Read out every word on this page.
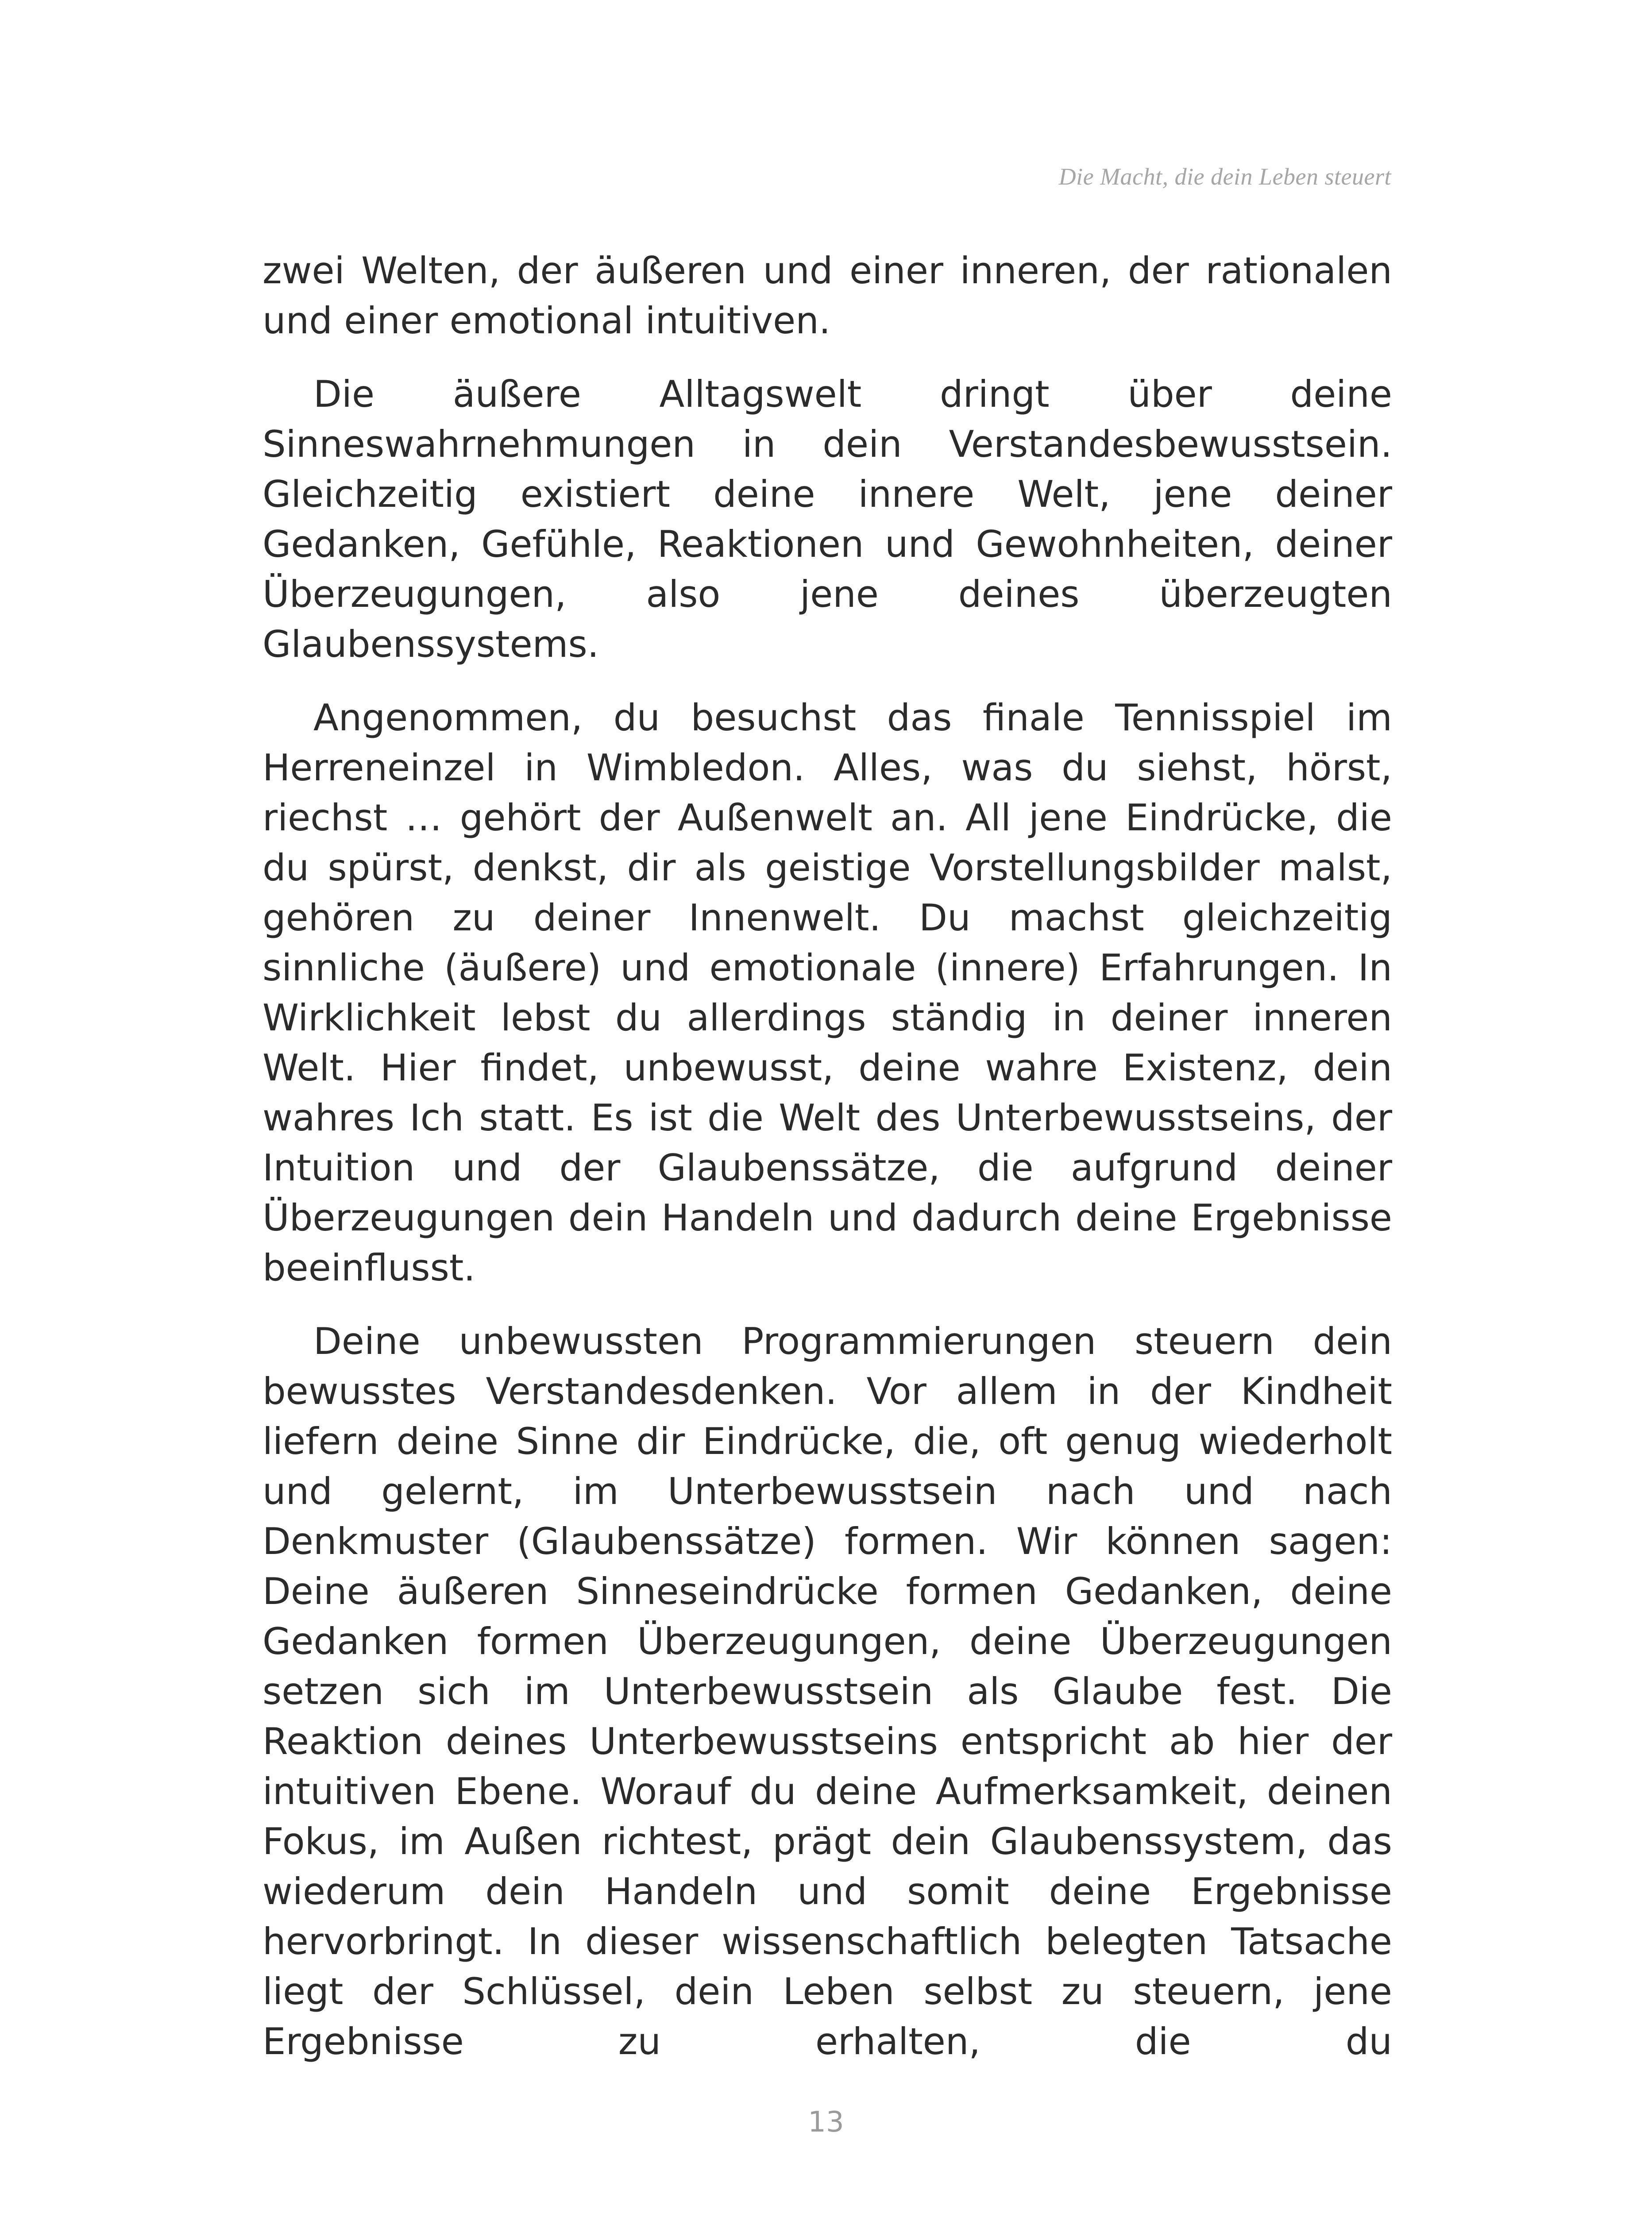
Die Macht, die dein Leben steuert

zwei Welten, der äußeren und einer inneren, der rationalen und einer emotional intuitiven.

Die äußere Alltagswelt dringt über deine Sinneswahrnehmungen in dein Verstandesbewusstsein. Gleichzeitig existiert deine innere Welt, jene deiner Gedanken, Gefühle, Reaktionen und Gewohnheiten, deiner Überzeugungen, also jene deines überzeugten Glaubenssystems.

Angenommen, du besuchst das finale Tennisspiel im Herreneinzel in Wimbledon. Alles, was du siehst, hörst, riechst … gehört der Außenwelt an. All jene Eindrücke, die du spürst, denkst, dir als geistige Vorstellungsbilder malst, gehören zu deiner Innenwelt. Du machst gleichzeitig sinnliche (äußere) und emotionale (innere) Erfahrungen. In Wirklichkeit lebst du allerdings ständig in deiner inneren Welt. Hier findet, unbewusst, deine wahre Existenz, dein wahres Ich statt. Es ist die Welt des Unterbewusstseins, der Intuition und der Glaubenssätze, die aufgrund deiner Überzeugungen dein Handeln und dadurch deine Ergebnisse beeinflusst.

Deine unbewussten Programmierungen steuern dein bewusstes Verstandesdenken. Vor allem in der Kindheit liefern deine Sinne dir Eindrücke, die, oft genug wiederholt und gelernt, im Unterbewusstsein nach und nach Denkmuster (Glaubenssätze) formen. Wir können sagen: Deine äußeren Sinneseindrücke formen Gedanken, deine Gedanken formen Überzeugungen, deine Überzeugungen setzen sich im Unterbewusstsein als Glaube fest. Die Reaktion deines Unterbewusstseins entspricht ab hier der intuitiven Ebene. Worauf du deine Aufmerksamkeit, deinen Fokus, im Außen richtest, prägt dein Glaubenssystem, das wiederum dein Handeln und somit deine Ergebnisse hervorbringt. In dieser wissenschaftlich belegten Tatsache liegt der Schlüssel, dein Leben selbst zu steuern, jene Ergebnisse zu erhalten, die du

13
